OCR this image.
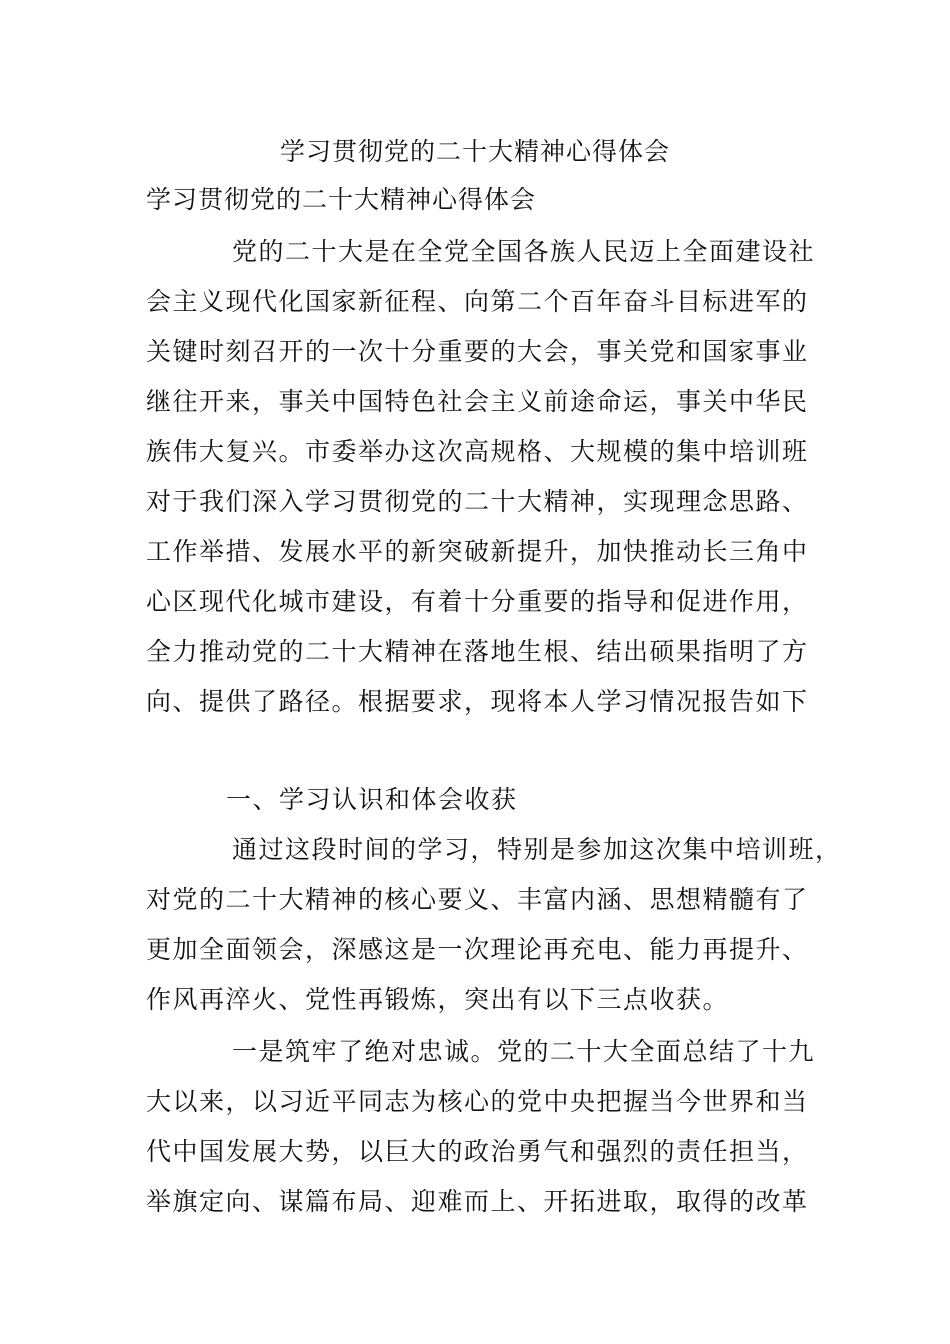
学习贯彻党的二十大精神心得体会
学习贯彻党的二十大精神心得体会
党的二十大是在全党全国各族人民迈上全面建设社
会主义现代化国家新征程、向第二个百年奋斗目标进军的
关键时刻召开的一次十分重要的大会，事关党和国家事业
继往开来，事关中国特色社会主义前途命运，事关中华民
族伟大复兴。市委举办这次高规格、大规模的集中培训班
对于我们深入学习贯彻党的二十大精神，实现理念思路、
工作举措、发展水平的新突破新提升，加快推动长三角中
心区现代化城市建设，有着十分重要的指导和促进作用，
全力推动党的二十大精神在落地生根、结出硕果指明了方
向、提供了路径。根据要求，现将本人学习情况报告如下
一、学习认识和体会收获
通过这段时间的学习，特别是参加这次集中培训班，
对党的二十大精神的核心要义、丰富内涵、思想精髓有了
更加全面领会，深感这是一次理论再充电、能力再提升、
作风再淬火、党性再锻炼，突出有以下三点收获。
一是筑牢了绝对忠诚。党的二十大全面总结了十九
大以来，以习近平同志为核心的党中央把握当今世界和当
代中国发展大势，以巨大的政治勇气和强烈的责任担当，
举旗定向、谋篇布局、迎难而上、开拓进取，取得的改革
